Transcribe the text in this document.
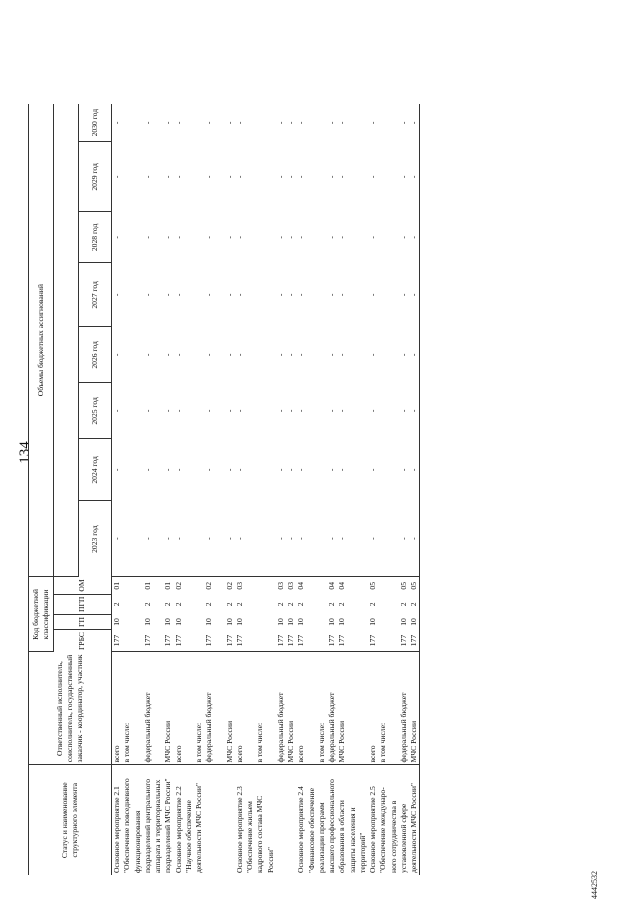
134
Статус и наименование структурного элемента	Ответственный исполнитель, соисполнитель, государственный заказчик - координатор, участник	Код бюджетной классификации				Объемы бюджетных ассигнований							
		ГРБС	ГП	ПГП	ОМ								
						2023 год	2024 год	2025 год	2026 год	2027 год	2028 год	2029 год	2030 год
Основное мероприятие 2.1	всего	177	10	2	01	-	-	-	-	-	-	-	-
"Обеспечение повседневного	в том числе:												
функционирования													
подразделений центрального	федеральный бюджет	177	10	2	01	-	-	-	-	-	-	-	-
аппарата и территориальных													
подразделений МЧС России"	МЧС России	177	10	2	01	-	-	-	-	-	-	-	-
Основное мероприятие 2.2	всего	177	10	2	02	-	-	-	-	-	-	-	-
"Научное обеспечение													
деятельности МЧС России"	в том числе:												
	федеральный бюджет	177	10	2	02	-	-	-	-	-	-	-	-

	МЧС России	177	10	2	02	-	-	-	-	-	-	-	-
Основное мероприятие 2.3	всего	177	10	2	03	-	-	-	-	-	-	-	-
"Обеспечение жильем													
кадрового состава МЧС	в том числе:												
России"													
	федеральный бюджет	177	10	2	03	-	-	-	-	-	-	-	-
	МЧС России	177	10	2	03	-	-	-	-	-	-	-	-
Основное мероприятие 2.4	всего	177	10	2	04	-	-	-	-	-	-	-	-
"Финансовое обеспечение													
реализации программ	в том числе:												
высшего профессионального	федеральный бюджет	177	10	2	04	-	-	-	-	-	-	-	-
образования в области	МЧС России	177	10	2	04	-	-	-	-	-	-	-	-
защиты населения и													
территорий"													
Основное мероприятие 2.5	всего	177	10	2	05	-	-	-	-	-	-	-	-
"Обеспечение междунаро-	в том числе:												
ного сотрудничества в													
установленной сфере	федеральный бюджет	177	10	2	05	-	-	-	-	-	-	-	-
деятельности МЧС России"	МЧС России	177	10	2	05	-	-	-	-	-	-	-	-
4442532
